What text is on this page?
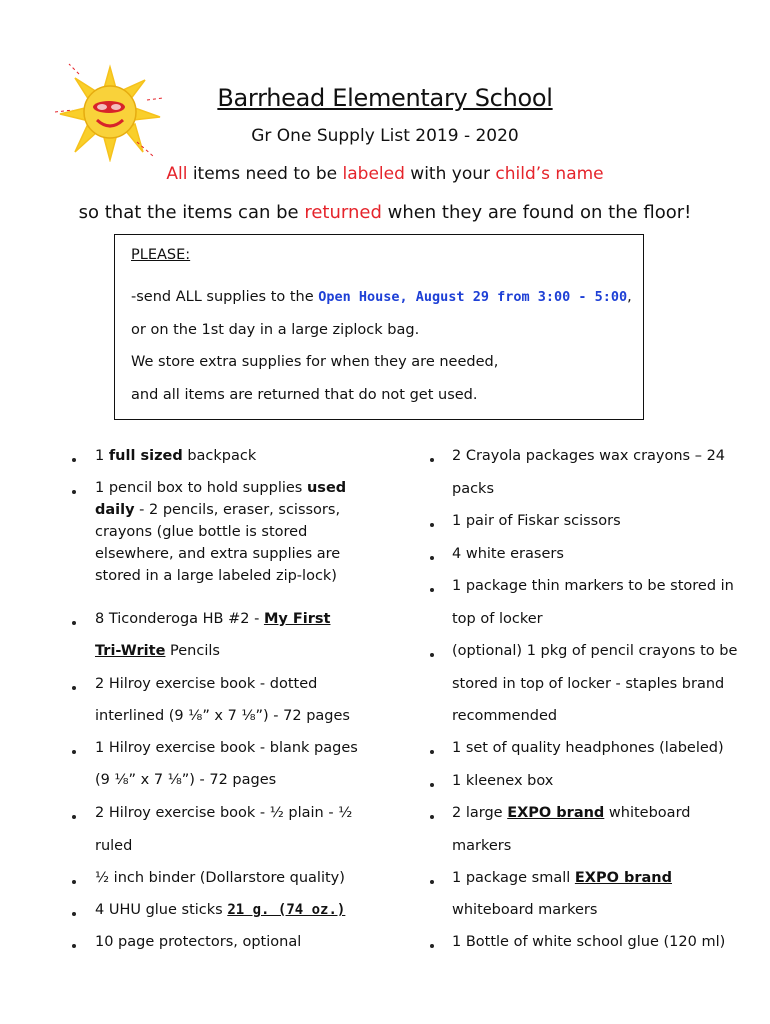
Barrhead Elementary School
Gr One Supply List 2019 - 2020
All items need to be labeled with your child’s name
so that the items can be returned when they are found on the floor!
PLEASE:
-send ALL supplies to the Open House, August 29 from 3:00 - 5:00,
or on the 1st day in a large ziplock bag.
We store extra supplies for when they are needed,
and all items are returned that do not get used.
1 full sized backpack
1 pencil box to hold supplies used
daily - 2 pencils, eraser, scissors,
crayons (glue bottle is stored
elsewhere, and extra supplies are
stored in a large labeled zip-lock)
8 Ticonderoga HB #2 - My First
Tri-Write Pencils
2 Hilroy exercise book - dotted
interlined (9 ⅛” x 7 ⅛”) - 72 pages
1 Hilroy exercise book - blank pages
(9 ⅛” x 7 ⅛”) - 72 pages
2 Hilroy exercise book - ½ plain - ½
ruled
½ inch binder (Dollarstore quality)
4 UHU glue sticks 21 g. (74 oz.)
10 page protectors, optional
2 Crayola packages wax crayons – 24
packs
1 pair of Fiskar scissors
4 white erasers
1 package thin markers to be stored in
top of locker
(optional) 1 pkg of pencil crayons to be
stored in top of locker - staples brand
recommended
1 set of quality headphones (labeled)
1 kleenex box
2 large EXPO brand whiteboard
markers
1 package small EXPO brand
whiteboard markers
1 Bottle of white school glue (120 ml)
